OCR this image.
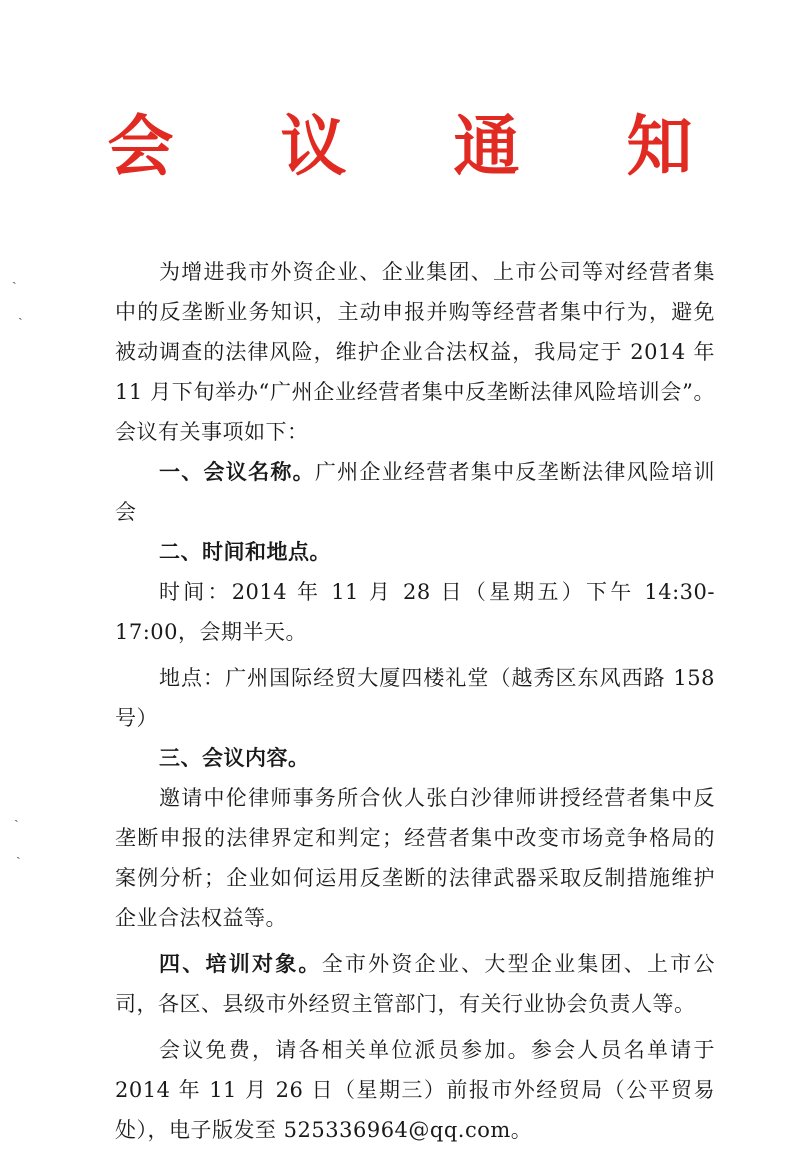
会 议 通 知
ˏ
ˏ
ˏ
ˎ

为增进我市外资企业、企业集团、上市公司等对经营者集中的反垄断业务知识，主动申报并购等经营者集中行为，避免被动调查的法律风险，维护企业合法权益，我局定于 2014 年 11 月下旬举办“广州企业经营者集中反垄断法律风险培训会”。会议有关事项如下：

一、会议名称。广州企业经营者集中反垄断法律风险培训会

二、时间和地点。

时间：2014 年 11 月 28 日（星期五）下午 14:30-17:00，会期半天。

地点：广州国际经贸大厦四楼礼堂（越秀区东风西路 158 号）

三、会议内容。

邀请中伦律师事务所合伙人张白沙律师讲授经营者集中反垄断申报的法律界定和判定；经营者集中改变市场竞争格局的案例分析；企业如何运用反垄断的法律武器采取反制措施维护企业合法权益等。

四、培训对象。全市外资企业、大型企业集团、上市公司，各区、县级市外经贸主管部门，有关行业协会负责人等。

会议免费，请各相关单位派员参加。参会人员名单请于 2014 年 11 月 26 日（星期三）前报市外经贸局（公平贸易处），电子版发至 525336964@qq.com。
